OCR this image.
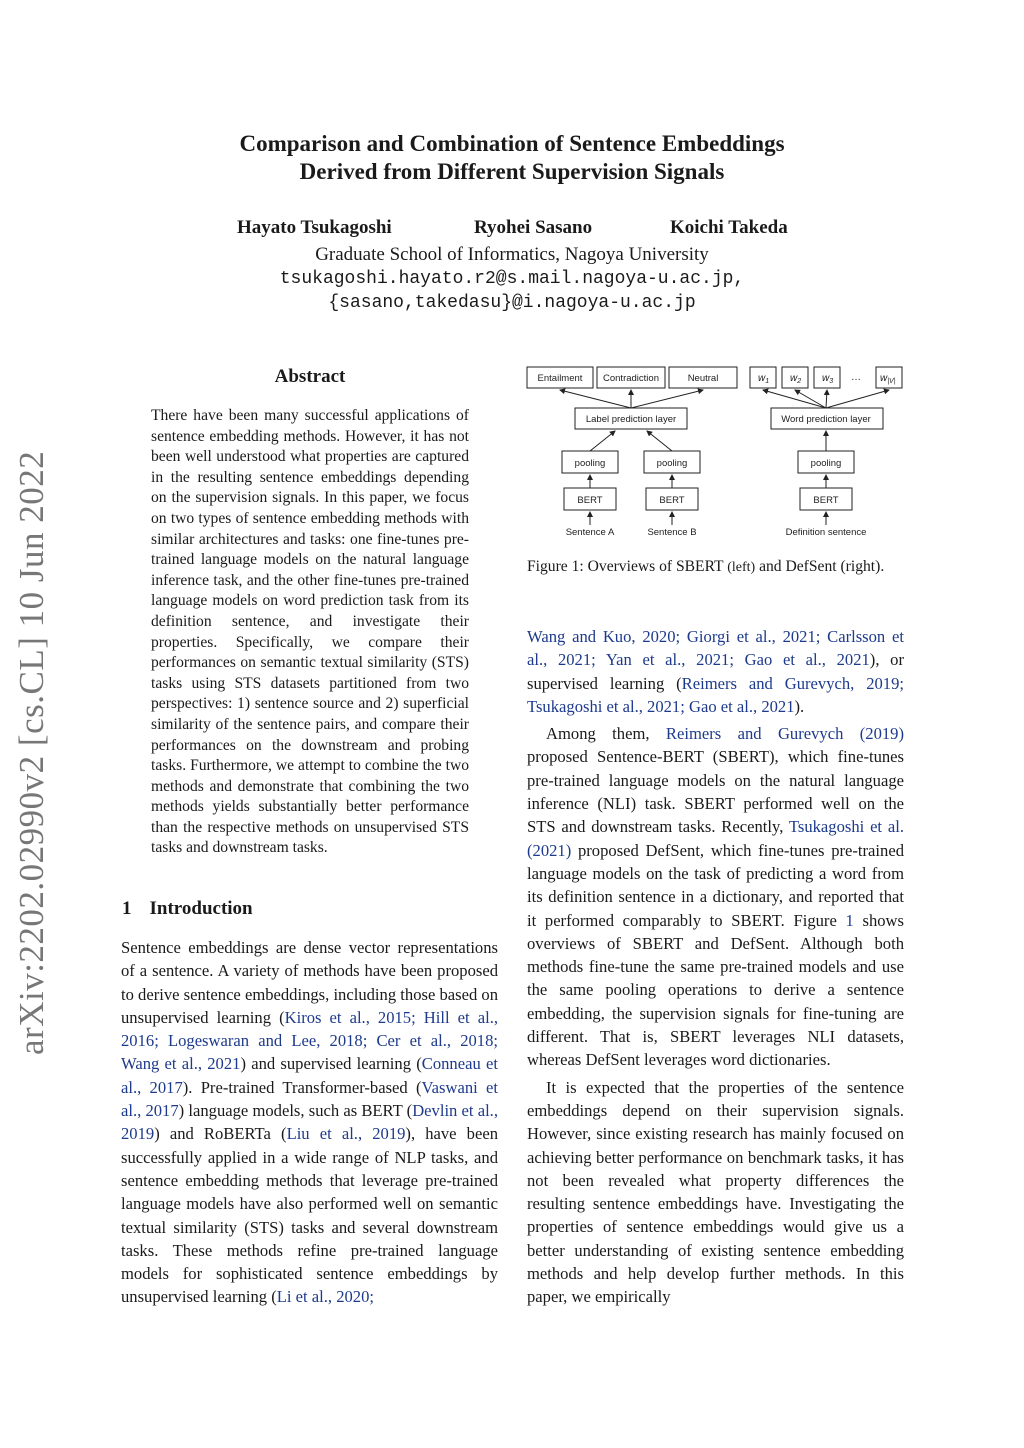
Comparison and Combination of Sentence Embeddings
Derived from Different Supervision Signals
Hayato Tsukagoshi	Ryohei Sasano	Koichi Takeda
Graduate School of Informatics, Nagoya University
tsukagoshi.hayato.r2@s.mail.nagoya-u.ac.jp,
{sasano,takedasu}@i.nagoya-u.ac.jp
arXiv:2202.02990v2 [cs.CL] 10 Jun 2022
Abstract
There have been many successful applications of sentence embedding methods. However, it has not been well understood what properties are captured in the resulting sentence embeddings depending on the supervision signals. In this paper, we focus on two types of sentence embedding methods with similar architectures and tasks: one fine-tunes pre-trained language models on the natural language inference task, and the other fine-tunes pre-trained language models on word prediction task from its definition sentence, and investigate their properties. Specifically, we compare their performances on semantic textual similarity (STS) tasks using STS datasets partitioned from two perspectives: 1) sentence source and 2) superficial similarity of the sentence pairs, and compare their performances on the downstream and probing tasks. Furthermore, we attempt to combine the two methods and demonstrate that combining the two methods yields substantially better performance than the respective methods on unsupervised STS tasks and downstream tasks.
1 Introduction

Sentence embeddings are dense vector representations of a sentence. A variety of methods have been proposed to derive sentence embeddings, including those based on unsupervised learning (Kiros et al., 2015; Hill et al., 2016; Logeswaran and Lee, 2018; Cer et al., 2018; Wang et al., 2021) and supervised learning (Conneau et al., 2017). Pre-trained Transformer-based (Vaswani et al., 2017) language models, such as BERT (Devlin et al., 2019) and RoBERTa (Liu et al., 2019), have been successfully applied in a wide range of NLP tasks, and sentence embedding methods that leverage pre-trained language models have also performed well on semantic textual similarity (STS) tasks and several downstream tasks. These methods refine pre-trained language models for sophisticated sentence embeddings by unsupervised learning (Li et al., 2020;

Entailment Contradiction	Neutral
Label prediction layer
pooling	pooling
BERT	BERT
Sentence A	Sentence B
Word prediction layer
pooling
BERT
Definition sentence
$w_1$ $w_2$ $w_3$ … $w_{|V|}$
Figure 1: Overviews of SBERT (left) and DefSent (right).

Wang and Kuo, 2020; Giorgi et al., 2021; Carlsson et al., 2021; Yan et al., 2021; Gao et al., 2021), or supervised learning (Reimers and Gurevych, 2019; Tsukagoshi et al., 2021; Gao et al., 2021).

Among them, Reimers and Gurevych (2019) proposed Sentence-BERT (SBERT), which fine-tunes pre-trained language models on the natural language inference (NLI) task. SBERT performed well on the STS and downstream tasks. Recently, Tsukagoshi et al. (2021) proposed DefSent, which fine-tunes pre-trained language models on the task of predicting a word from its definition sentence in a dictionary, and reported that it performed comparably to SBERT. Figure 1 shows overviews of SBERT and DefSent. Although both methods fine-tune the same pre-trained models and use the same pooling operations to derive a sentence embedding, the supervision signals for fine-tuning are different. That is, SBERT leverages NLI datasets, whereas DefSent leverages word dictionaries.

It is expected that the properties of the sentence embeddings depend on their supervision signals. However, since existing research has mainly focused on achieving better performance on benchmark tasks, it has not been revealed what property differences the resulting sentence embeddings have. Investigating the properties of sentence embeddings would give us a better understanding of existing sentence embedding methods and help develop further methods. In this paper, we empirically
